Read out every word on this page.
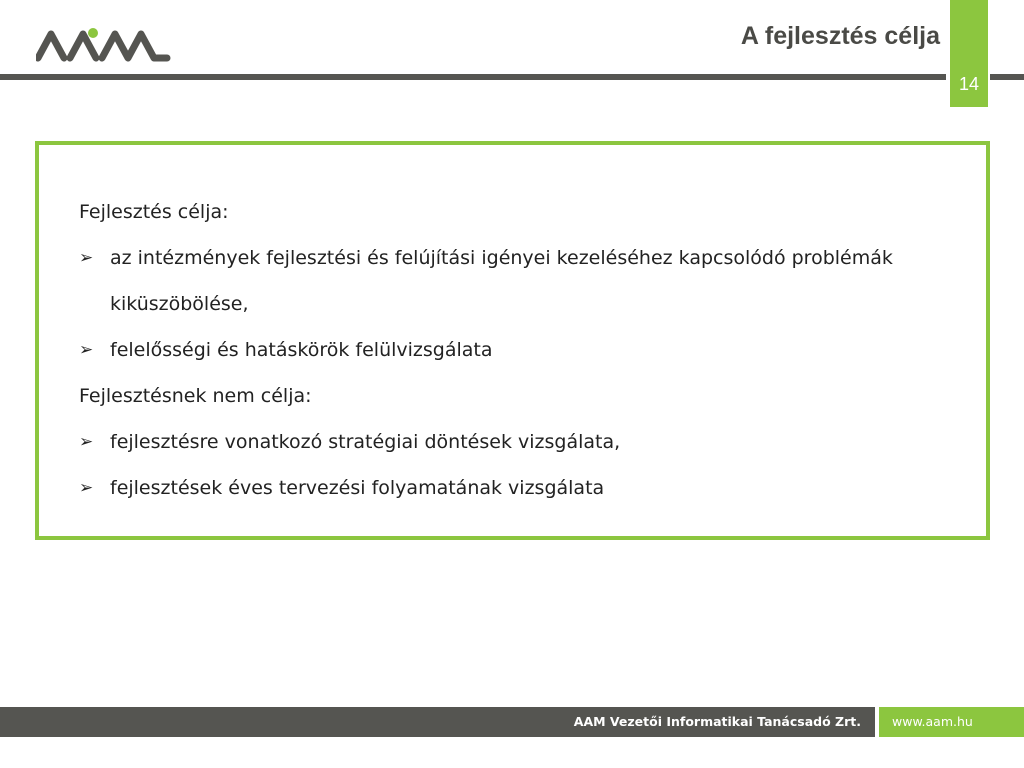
A fejlesztés célja
14
Fejlesztés célja:
➢ az intézmények fejlesztési és felújítási igényei kezeléséhez kapcsolódó problémák kiküszöbölése,
➢ felelősségi és hatáskörök felülvizsgálata
Fejlesztésnek nem célja:
➢ fejlesztésre vonatkozó stratégiai döntések vizsgálata,
➢ fejlesztések éves tervezési folyamatának vizsgálata
AAM Vezetői Informatikai Tanácsadó Zrt. www.aam.hu
